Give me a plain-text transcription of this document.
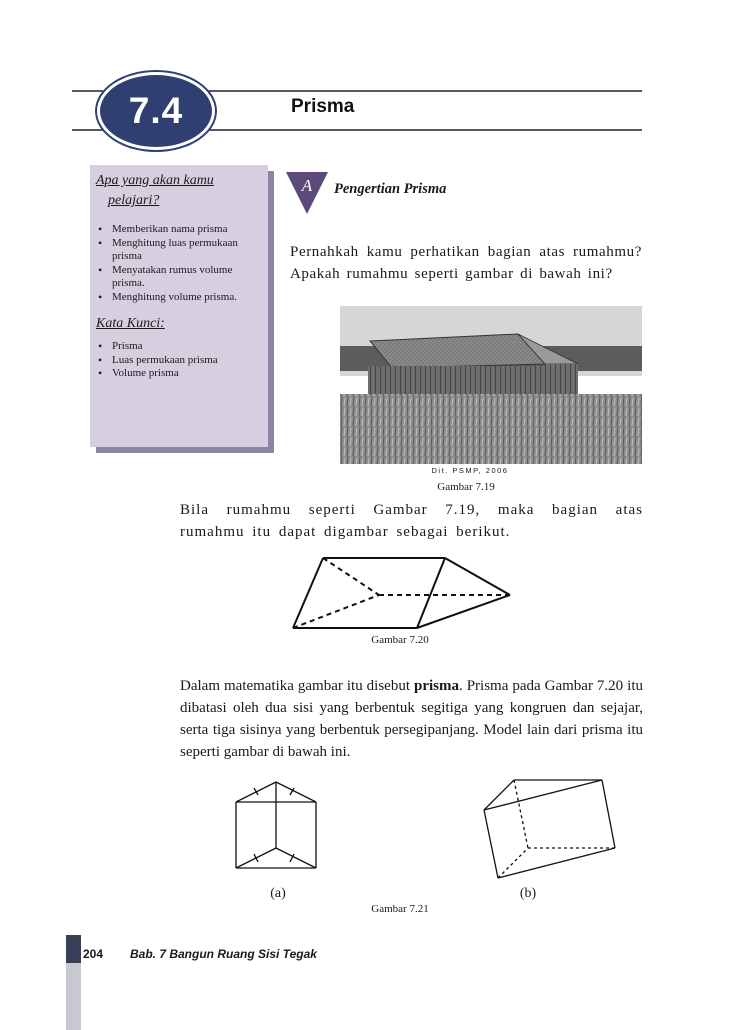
7.4	Prisma

Apa yang akan kamu

pelajari?

• Memberikan nama prisma
• Menghitung luas permukaan prisma
• Menyatakan rumus volume prisma.
• Menghitung volume prisma.

Kata Kunci:

• Prisma
• Luas permukaan prisma
• Volume prisma
A Pengertian Prisma
Pernahkah kamu perhatikan bagian atas rumahmu?Apakah rumahmu seperti gambar di bawah ini?
Dit. PSMP, 2006
Gambar 7.19
Bila rumahmu seperti Gambar 7.19, maka bagian atas rumahmu itu dapat digambar sebagai berikut.
Gambar 7.20
Dalam matematika gambar itu disebut prisma. Prisma pada Gambar 7.20 itu dibatasi oleh dua sisi yang berbentuk segitiga yang kongruen dan sejajar, serta tiga sisinya yang berbentuk persegipanjang. Model lain dari prisma itu seperti gambar di bawah ini.
(a)	(b)
Gambar 7.21
204 Bab. 7 Bangun Ruang Sisi Tegak
